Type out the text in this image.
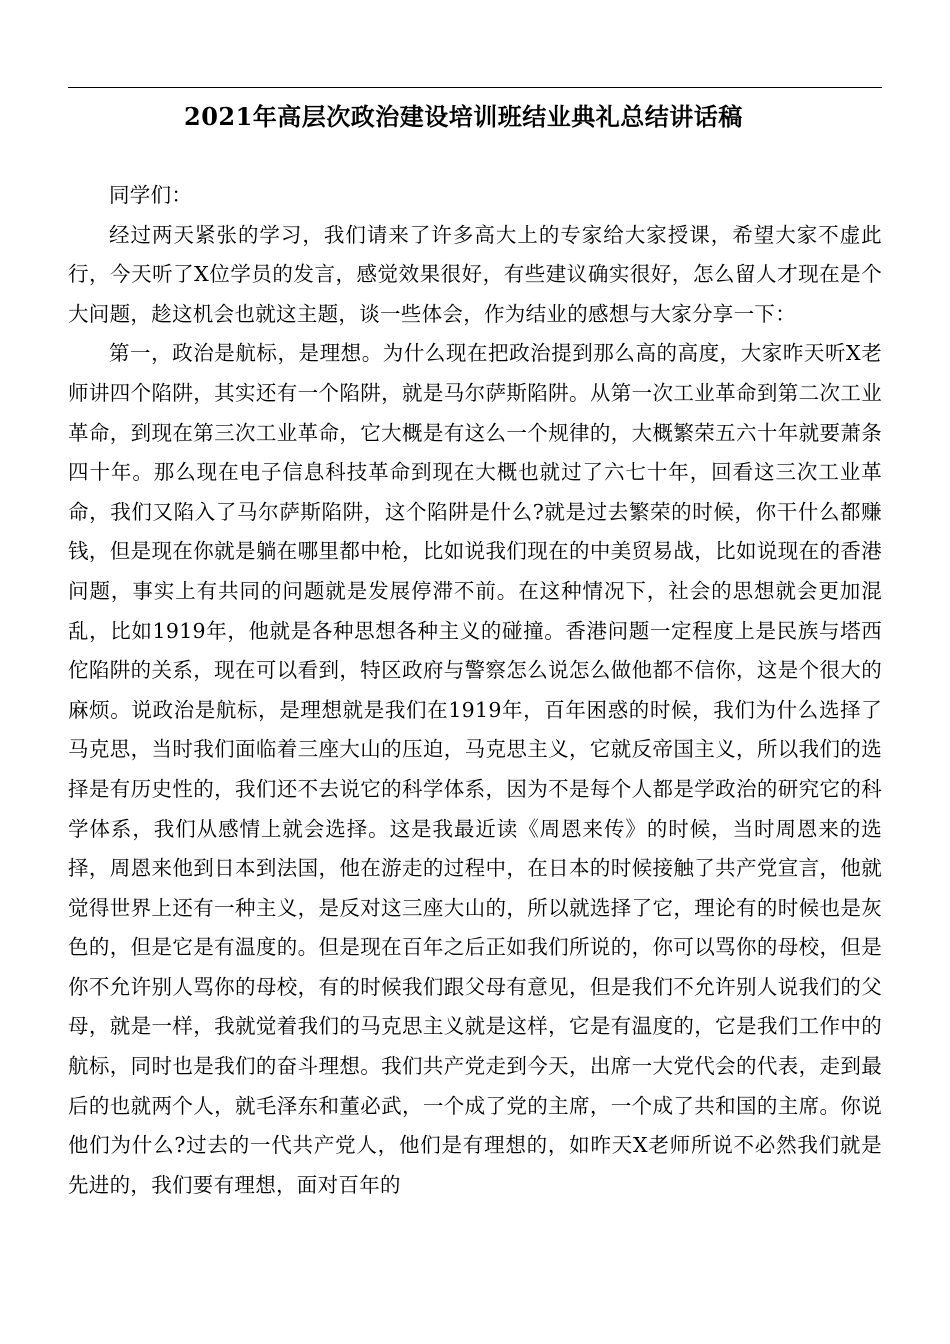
2021年高层次政治建设培训班结业典礼总结讲话稿

同学们：

经过两天紧张的学习，我们请来了许多高大上的专家给大家授课，希望大家不虚此行，今天听了X位学员的发言，感觉效果很好，有些建议确实很好，怎么留人才现在是个大问题，趁这机会也就这主题，谈一些体会，作为结业的感想与大家分享一下：

第一，政治是航标，是理想。为什么现在把政治提到那么高的高度，大家昨天听X老师讲四个陷阱，其实还有一个陷阱，就是马尔萨斯陷阱。从第一次工业革命到第二次工业革命，到现在第三次工业革命，它大概是有这么一个规律的，大概繁荣五六十年就要萧条四十年。那么现在电子信息科技革命到现在大概也就过了六七十年，回看这三次工业革命，我们又陷入了马尔萨斯陷阱，这个陷阱是什么?就是过去繁荣的时候，你干什么都赚钱，但是现在你就是躺在哪里都中枪，比如说我们现在的中美贸易战，比如说现在的香港问题，事实上有共同的问题就是发展停滞不前。在这种情况下，社会的思想就会更加混乱，比如1919年，他就是各种思想各种主义的碰撞。香港问题一定程度上是民族与塔西佗陷阱的关系，现在可以看到，特区政府与警察怎么说怎么做他都不信你，这是个很大的麻烦。说政治是航标，是理想就是我们在1919年，百年困惑的时候，我们为什么选择了马克思，当时我们面临着三座大山的压迫，马克思主义，它就反帝国主义，所以我们的选择是有历史性的，我们还不去说它的科学体系，因为不是每个人都是学政治的研究它的科学体系，我们从感情上就会选择。这是我最近读《周恩来传》的时候，当时周恩来的选择，周恩来他到日本到法国，他在游走的过程中，在日本的时候接触了共产党宣言，他就觉得世界上还有一种主义，是反对这三座大山的，所以就选择了它，理论有的时候也是灰色的，但是它是有温度的。但是现在百年之后正如我们所说的，你可以骂你的母校，但是你不允许别人骂你的母校，有的时候我们跟父母有意见，但是我们不允许别人说我们的父母，就是一样，我就觉着我们的马克思主义就是这样，它是有温度的，它是我们工作中的航标，同时也是我们的奋斗理想。我们共产党走到今天，出席一大党代会的代表，走到最后的也就两个人，就毛泽东和董必武，一个成了党的主席，一个成了共和国的主席。你说他们为什么?过去的一代共产党人，他们是有理想的，如昨天X老师所说不必然我们就是先进的，我们要有理想，面对百年的
